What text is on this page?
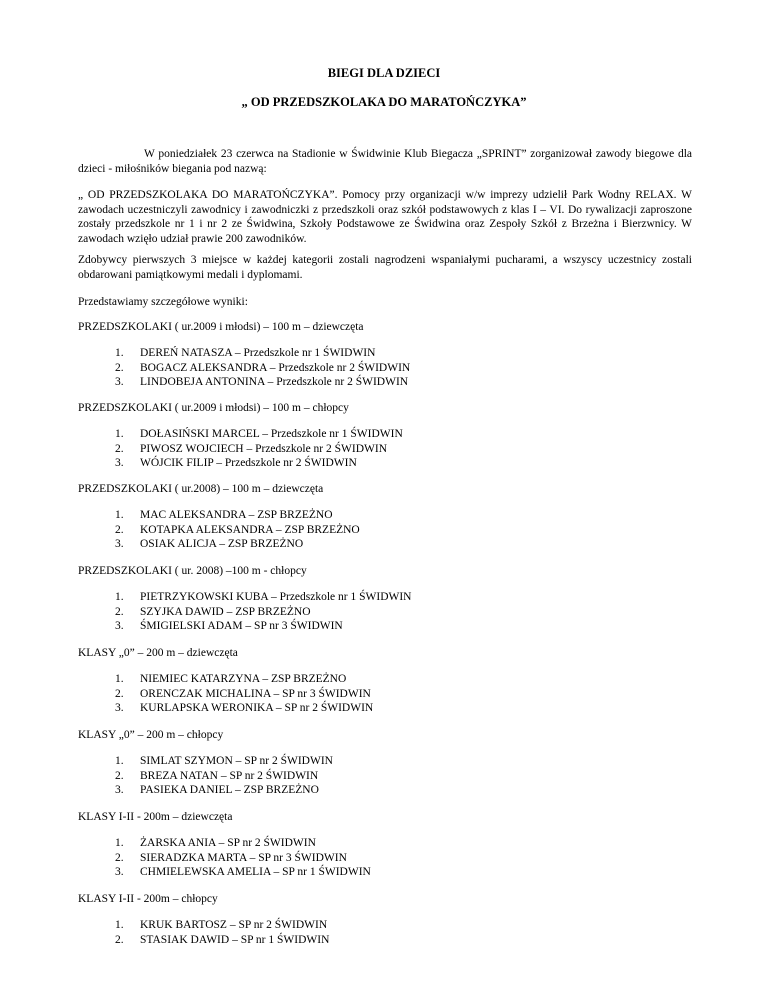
BIEGI DLA DZIECI
„ OD PRZEDSZKOLAKA DO MARATOŃCZYKA”

W poniedziałek 23 czerwca na Stadionie w Świdwinie Klub Biegacza „SPRINT” zorganizował zawody biegowe dla dzieci - miłośników biegania pod nazwą:

„ OD PRZEDSZKOLAKA DO MARATOŃCZYKA”. Pomocy przy organizacji w/w imprezy udzielił Park Wodny RELAX. W zawodach uczestniczyli zawodnicy i zawodniczki z przedszkoli oraz szkół podstawowych z klas I – VI. Do rywalizacji zaproszone zostały przedszkole nr 1 i nr 2 ze Świdwina, Szkoły Podstawowe ze Świdwina oraz Zespoły Szkół z Brzeżna i Bierzwnicy. W zawodach wzięło udział prawie 200 zawodników.

Zdobywcy pierwszych 3 miejsce w każdej kategorii zostali nagrodzeni wspaniałymi pucharami, a wszyscy uczestnicy zostali obdarowani pamiątkowymi medali i dyplomami.

Przedstawiamy szczegółowe wyniki:

PRZEDSZKOLAKI ( ur.2009 i młodsi) – 100 m – dziewczęta

1. DEREŃ NATASZA – Przedszkole nr 1 ŚWIDWIN
2. BOGACZ ALEKSANDRA – Przedszkole nr 2 ŚWIDWIN
3. LINDOBEJA ANTONINA – Przedszkole nr 2 ŚWIDWIN

PRZEDSZKOLAKI ( ur.2009 i młodsi) – 100 m – chłopcy

1. DOŁASIŃSKI MARCEL – Przedszkole nr 1 ŚWIDWIN
2. PIWOSZ WOJCIECH – Przedszkole nr 2 ŚWIDWIN
3. WÓJCIK FILIP – Przedszkole nr 2 ŚWIDWIN

PRZEDSZKOLAKI ( ur.2008) – 100 m – dziewczęta

1. MAC ALEKSANDRA – ZSP BRZEŻNO
2. KOTAPKA ALEKSANDRA – ZSP BRZEŻNO
3. OSIAK ALICJA – ZSP BRZEŻNO

PRZEDSZKOLAKI ( ur. 2008) –100 m - chłopcy

1. PIETRZYKOWSKI KUBA – Przedszkole nr 1 ŚWIDWIN
2. SZYJKA DAWID – ZSP BRZEŻNO
3. ŚMIGIELSKI ADAM – SP nr 3 ŚWIDWIN

KLASY „0” – 200 m – dziewczęta

1. NIEMIEC KATARZYNA – ZSP BRZEŻNO
2. ORENCZAK MICHALINA – SP nr 3 ŚWIDWIN
3. KURLAPSKA WERONIKA – SP nr 2 ŚWIDWIN

KLASY „0” – 200 m – chłopcy

1. SIMLAT SZYMON – SP nr 2 ŚWIDWIN
2. BREZA NATAN – SP nr 2 ŚWIDWIN
3. PASIEKA DANIEL – ZSP BRZEŻNO

KLASY I-II - 200m – dziewczęta

1. ŻARSKA ANIA – SP nr 2 ŚWIDWIN
2. SIERADZKA MARTA – SP nr 3 ŚWIDWIN
3. CHMIELEWSKA AMELIA – SP nr 1 ŚWIDWIN

KLASY I-II - 200m – chłopcy

1. KRUK BARTOSZ – SP nr 2 ŚWIDWIN
2. STASIAK DAWID – SP nr 1 ŚWIDWIN
